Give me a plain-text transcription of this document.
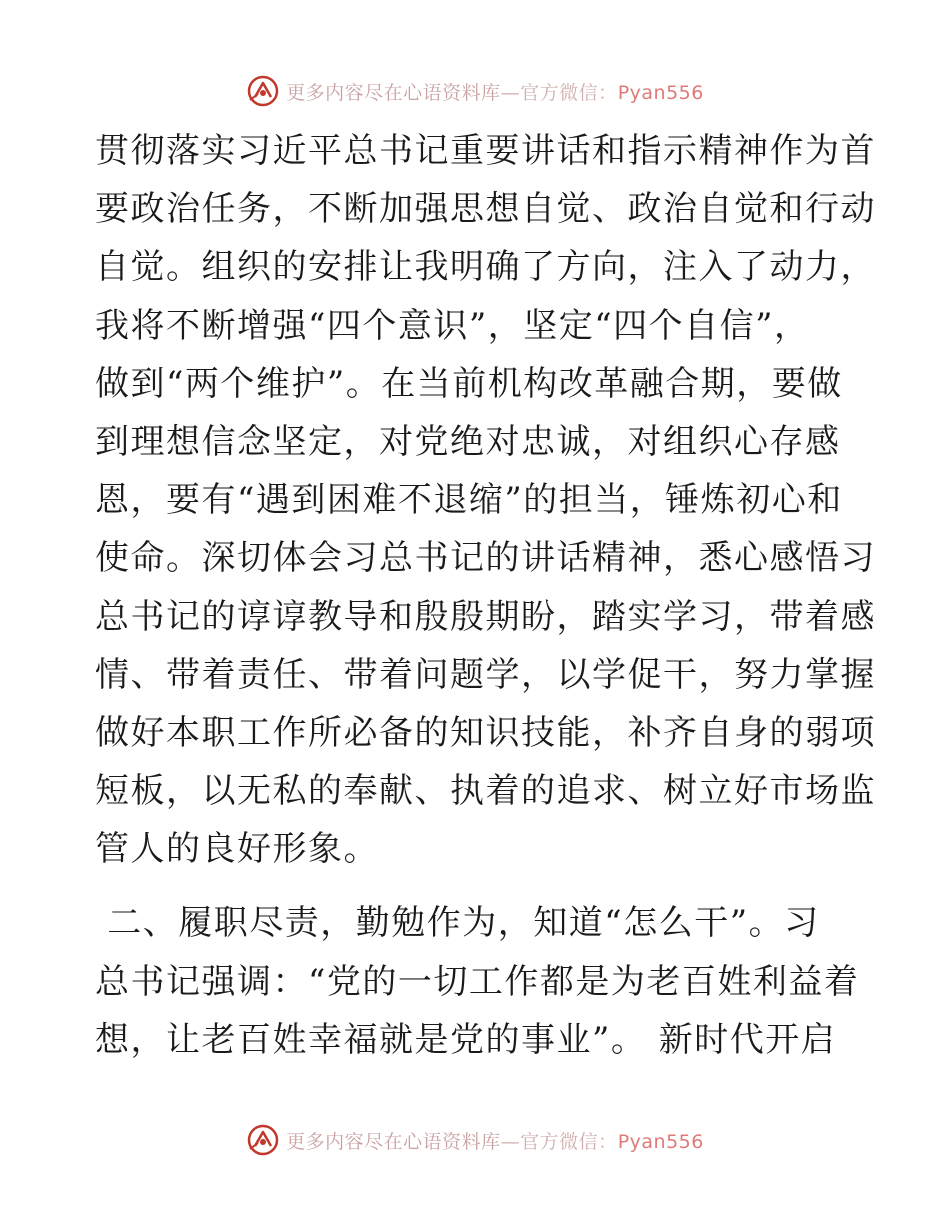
更多内容尽在心语资料库—官方微信：Pyan556
贯彻落实习近平总书记重要讲话和指示精神作为首
要政治任务，不断加强思想自觉、政治自觉和行动
自觉。组织的安排让我明确了方向，注入了动力，
我将不断增强“四个意识”，坚定“四个自信”，
做到“两个维护”。在当前机构改革融合期，要做
到理想信念坚定，对党绝对忠诚，对组织心存感
恩，要有“遇到困难不退缩”的担当，锤炼初心和
使命。深切体会习总书记的讲话精神，悉心感悟习
总书记的谆谆教导和殷殷期盼，踏实学习，带着感
情、带着责任、带着问题学，以学促干，努力掌握
做好本职工作所必备的知识技能，补齐自身的弱项
短板，以无私的奉献、执着的追求、树立好市场监
管人的良好形象。
二、履职尽责，勤勉作为，知道“怎么干”。习
总书记强调：“党的一切工作都是为老百姓利益着
想，让老百姓幸福就是党的事业”。 新时代开启
更多内容尽在心语资料库—官方微信：Pyan556
